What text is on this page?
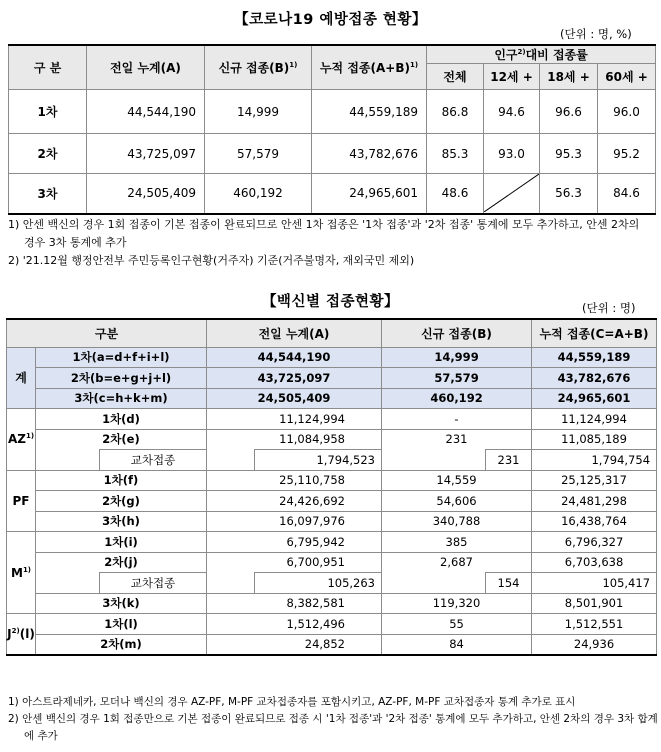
【코로나19 예방접종 현황】
(단위 : 명, %)
구 분	전일 누계(A)	신규 접종$(B)^{1)}$	누적 접종$(A+B)^{1)}$	인구$^{2)}$대비 접종률			
				전체	12세 +	18세 +	60세 +
1차	44,544,190	14,999	44,559,189	86.8	94.6	96.6	96.0
2차	43,725,097	57,579	43,782,676	85.3	93.0	95.3	95.2
3차	24,505,409	460,192	24,965,601	48.6		56.3	84.6
1) 안센 백신의 경우 1회 접종이 기본 접종이 완료되므로 안센 1차 접종은 '1차 접종'과 '2차 접종' 통계에 모두 추가하고, 안센 2차의 경우 3차 통계에 추가
2) '21.12월 행정안전부 주민등록인구현황(거주자) 기준(거주불명자, 재외국민 제외)
【백신별 접종현황】	(단위 : 명)
구분			전일 누계(A)		신규 접종(B)		누적 접종(C=A+B)
계	1차(a=d+f+i+l)		44,544,190		14,999		44,559,189
	2차(b=e+g+j+l)		43,725,097		57,579		43,782,676
	3차(c=h+k+m)		24,505,409		460,192		24,965,601
AZ$^{1)}$	1차(d)		11,124,994		-		11,124,994
	2차(e)		11,084,958		231		11,085,189
		교차접종		1,794,523		231	1,794,754
PF	1차(f)		25,110,758		14,559		25,125,317
	2차(g)		24,426,692		54,606		24,481,298
	3차(h)		16,097,976		340,788		16,438,764
$M^{1)}$	1차(i)		6,795,942		385		6,796,327
	2차(j)		6,700,951		2,687		6,703,638
		교차접종		105,263		154	105,417
	3차(k)		8,382,581		119,320		8,501,901
$J^{2)}(l)$	1차(l)		1,512,496		55		1,512,551
	2차(m)		24,852		84		24,936
1) 아스트라제네카, 모더나 백신의 경우 AZ-PF, M-PF 교차접종자를 포함시키고, AZ-PF, M-PF 교차접종자 통계 추가로 표시
2) 안센 백신의 경우 1회 접종만으로 기본 접종이 완료되므로 접종 시 '1차 접종'과 '2차 접종' 통계에 모두 추가하고, 안센 2차의 경우 3차 합계에 추가
